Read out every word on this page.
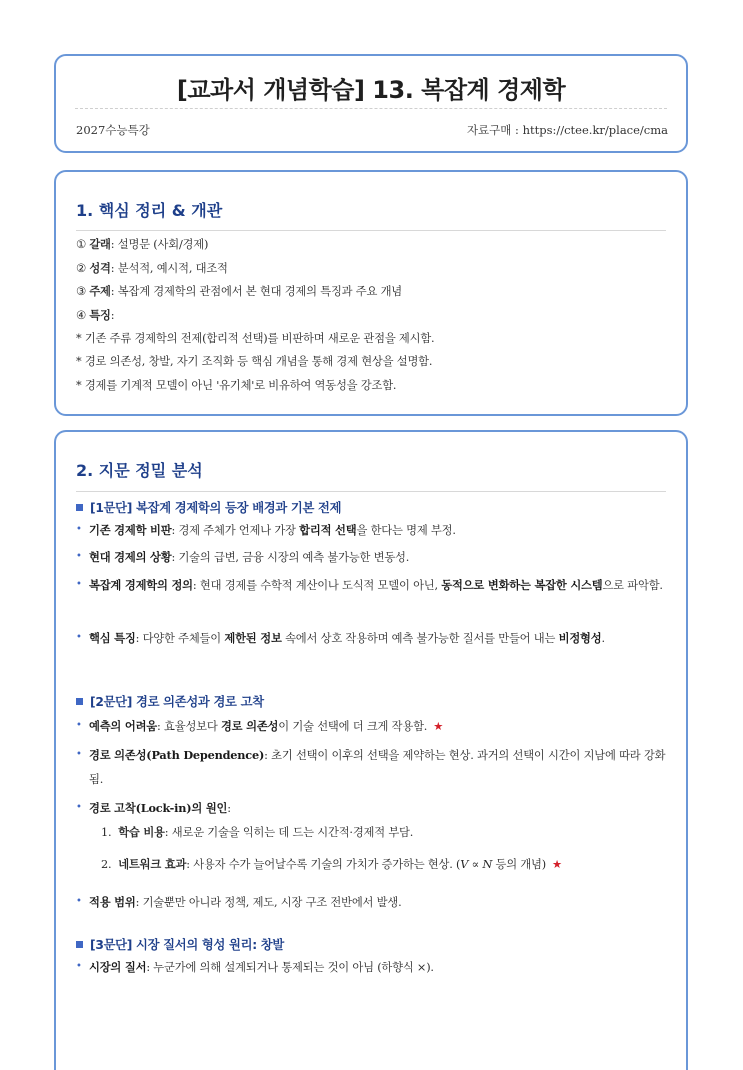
[교과서 개념학습] 13. 복잡계 경제학
2027수능특강	자료구매 : https://ctee.kr/place/cma
1. 핵심 정리 & 개관
① 갈래: 설명문 (사회/경제)
② 성격: 분석적, 예시적, 대조적
③ 주제: 복잡계 경제학의 관점에서 본 현대 경제의 특징과 주요 개념
④ 특징:
* 기존 주류 경제학의 전제(합리적 선택)를 비판하며 새로운 관점을 제시함.
* 경로 의존성, 창발, 자기 조직화 등 핵심 개념을 통해 경제 현상을 설명함.
* 경제를 기계적 모델이 아닌 '유기체'로 비유하여 역동성을 강조함.
2. 지문 정밀 분석
[1문단] 복잡계 경제학의 등장 배경과 기본 전제
• 기존 경제학 비판: 경제 주체가 언제나 가장 합리적 선택을 한다는 명제 부정.
• 현대 경제의 상황: 기술의 급변, 금융 시장의 예측 불가능한 변동성.
• 복잡계 경제학의 정의: 현대 경제를 수학적 계산이나 도식적 모델이 아닌, 동적으로 변화하는 복잡한 시스템으로 파악함.
• 핵심 특징: 다양한 주체들이 제한된 정보 속에서 상호 작용하며 예측 불가능한 질서를 만들어 내는 비정형성.
[2문단] 경로 의존성과 경로 고착
• 예측의 어려움: 효율성보다 경로 의존성이 기술 선택에 더 크게 작용함. ★
• 경로 의존성(Path Dependence): 초기 선택이 이후의 선택을 제약하는 현상. 과거의 선택이 시간이 지남에 따라 강화됨.
• 경로 고착(Lock-in)의 원인:
1. 학습 비용: 새로운 기술을 익히는 데 드는 시간적·경제적 부담.
2. 네트워크 효과: 사용자 수가 늘어날수록 기술의 가치가 증가하는 현상. (V ∝ N 등의 개념) ★
• 적용 범위: 기술뿐만 아니라 정책, 제도, 시장 구조 전반에서 발생.
[3문단] 시장 질서의 형성 원리: 창발
• 시장의 질서: 누군가에 의해 설계되거나 통제되는 것이 아님 (하향식 ×).
